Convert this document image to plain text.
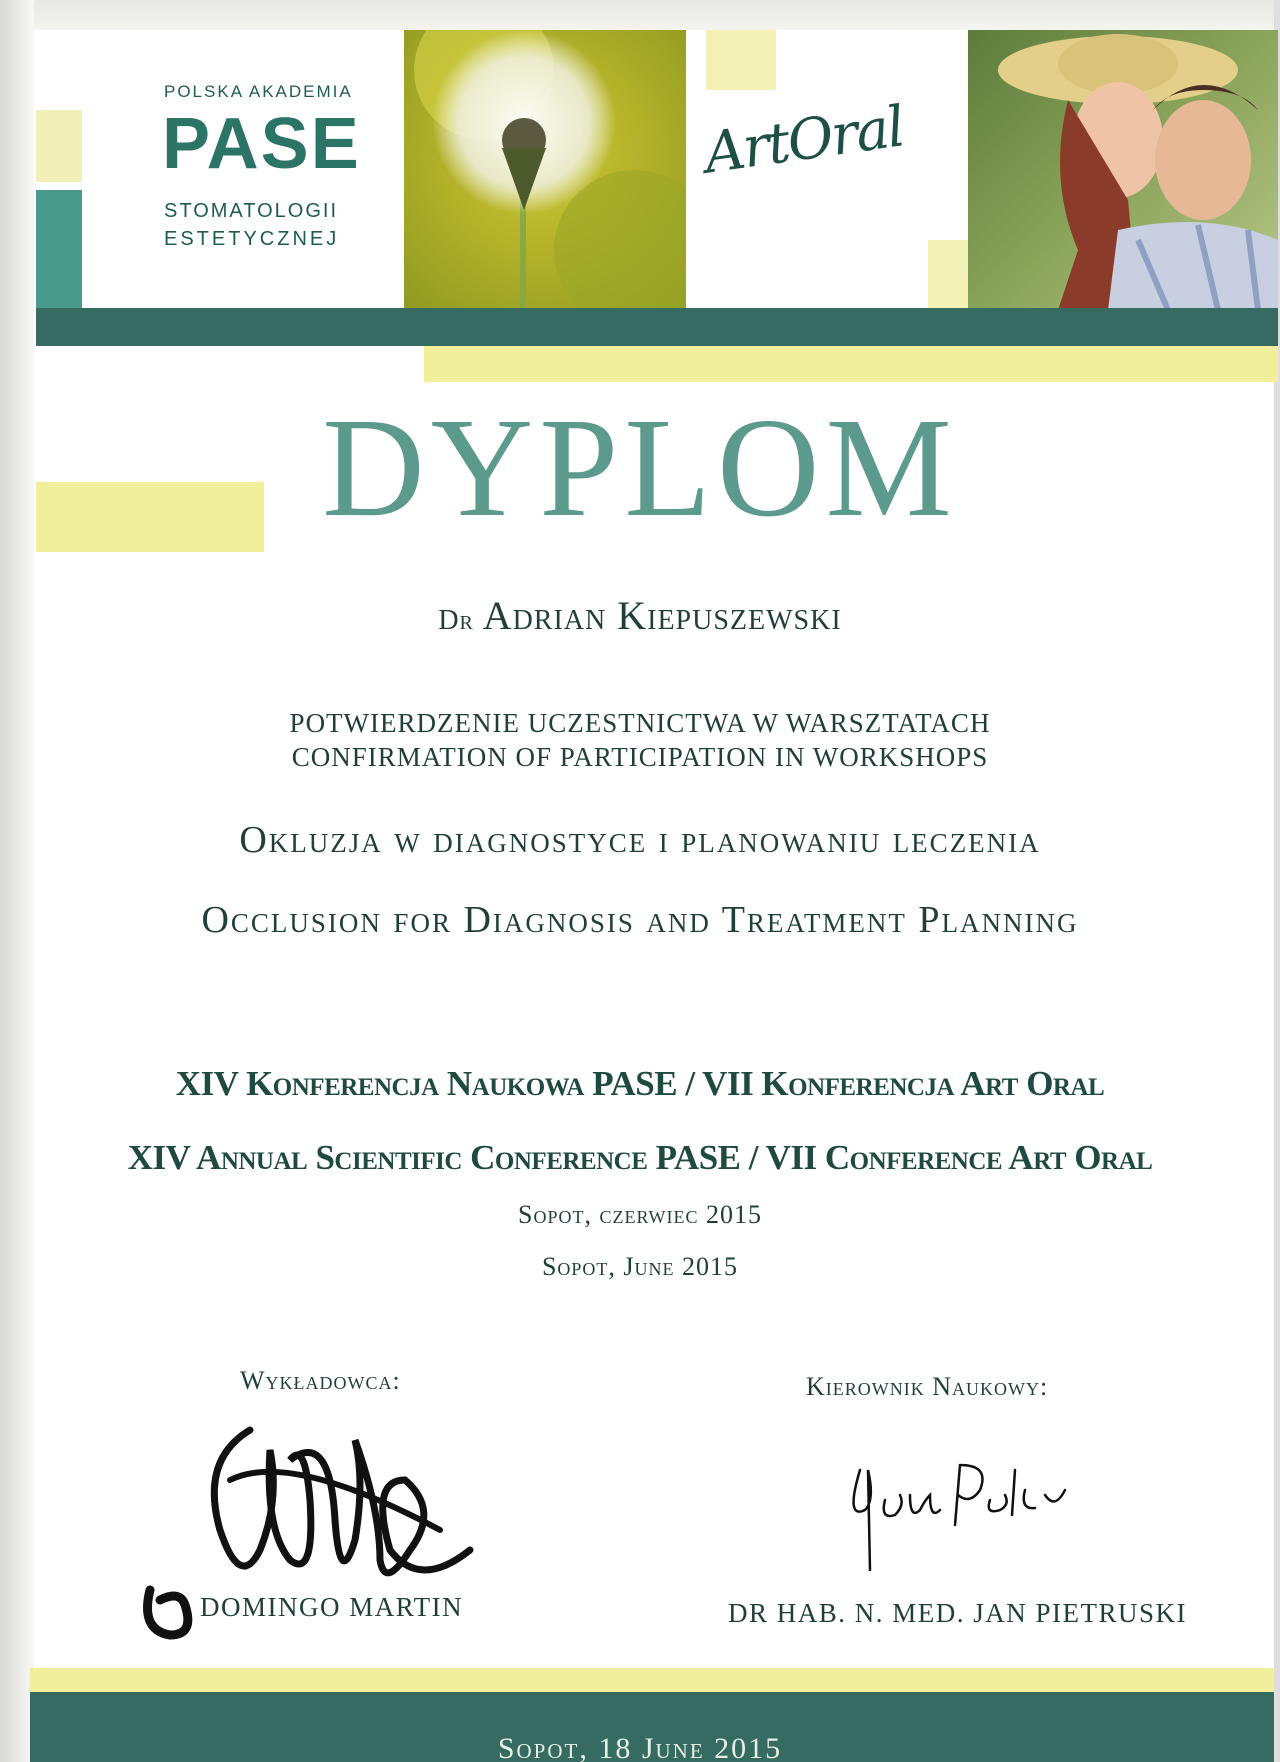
POLSKA AKADEMIA
PASE
STOMATOLOGII
ESTETYCZNEJ
ArtOral
DYPLOM
Dr Adrian Kiepuszewski
POTWIERDZENIE UCZESTNICTWA W WARSZTATACH
CONFIRMATION OF PARTICIPATION IN WORKSHOPS
Okluzja w diagnostyce i planowaniu leczenia
Occlusion for Diagnosis and Treatment Planning
XIV Konferencja Naukowa PASE / VII Konferencja Art Oral
XIV Annual Scientific Conference PASE / VII Conference Art Oral
Sopot, czerwiec 2015
Sopot, June 2015
Wykładowca:	Kierownik Naukowy:
DOMINGO MARTIN	DR HAB. N. MED. JAN PIETRUSKI
Sopot, 18 June 2015
